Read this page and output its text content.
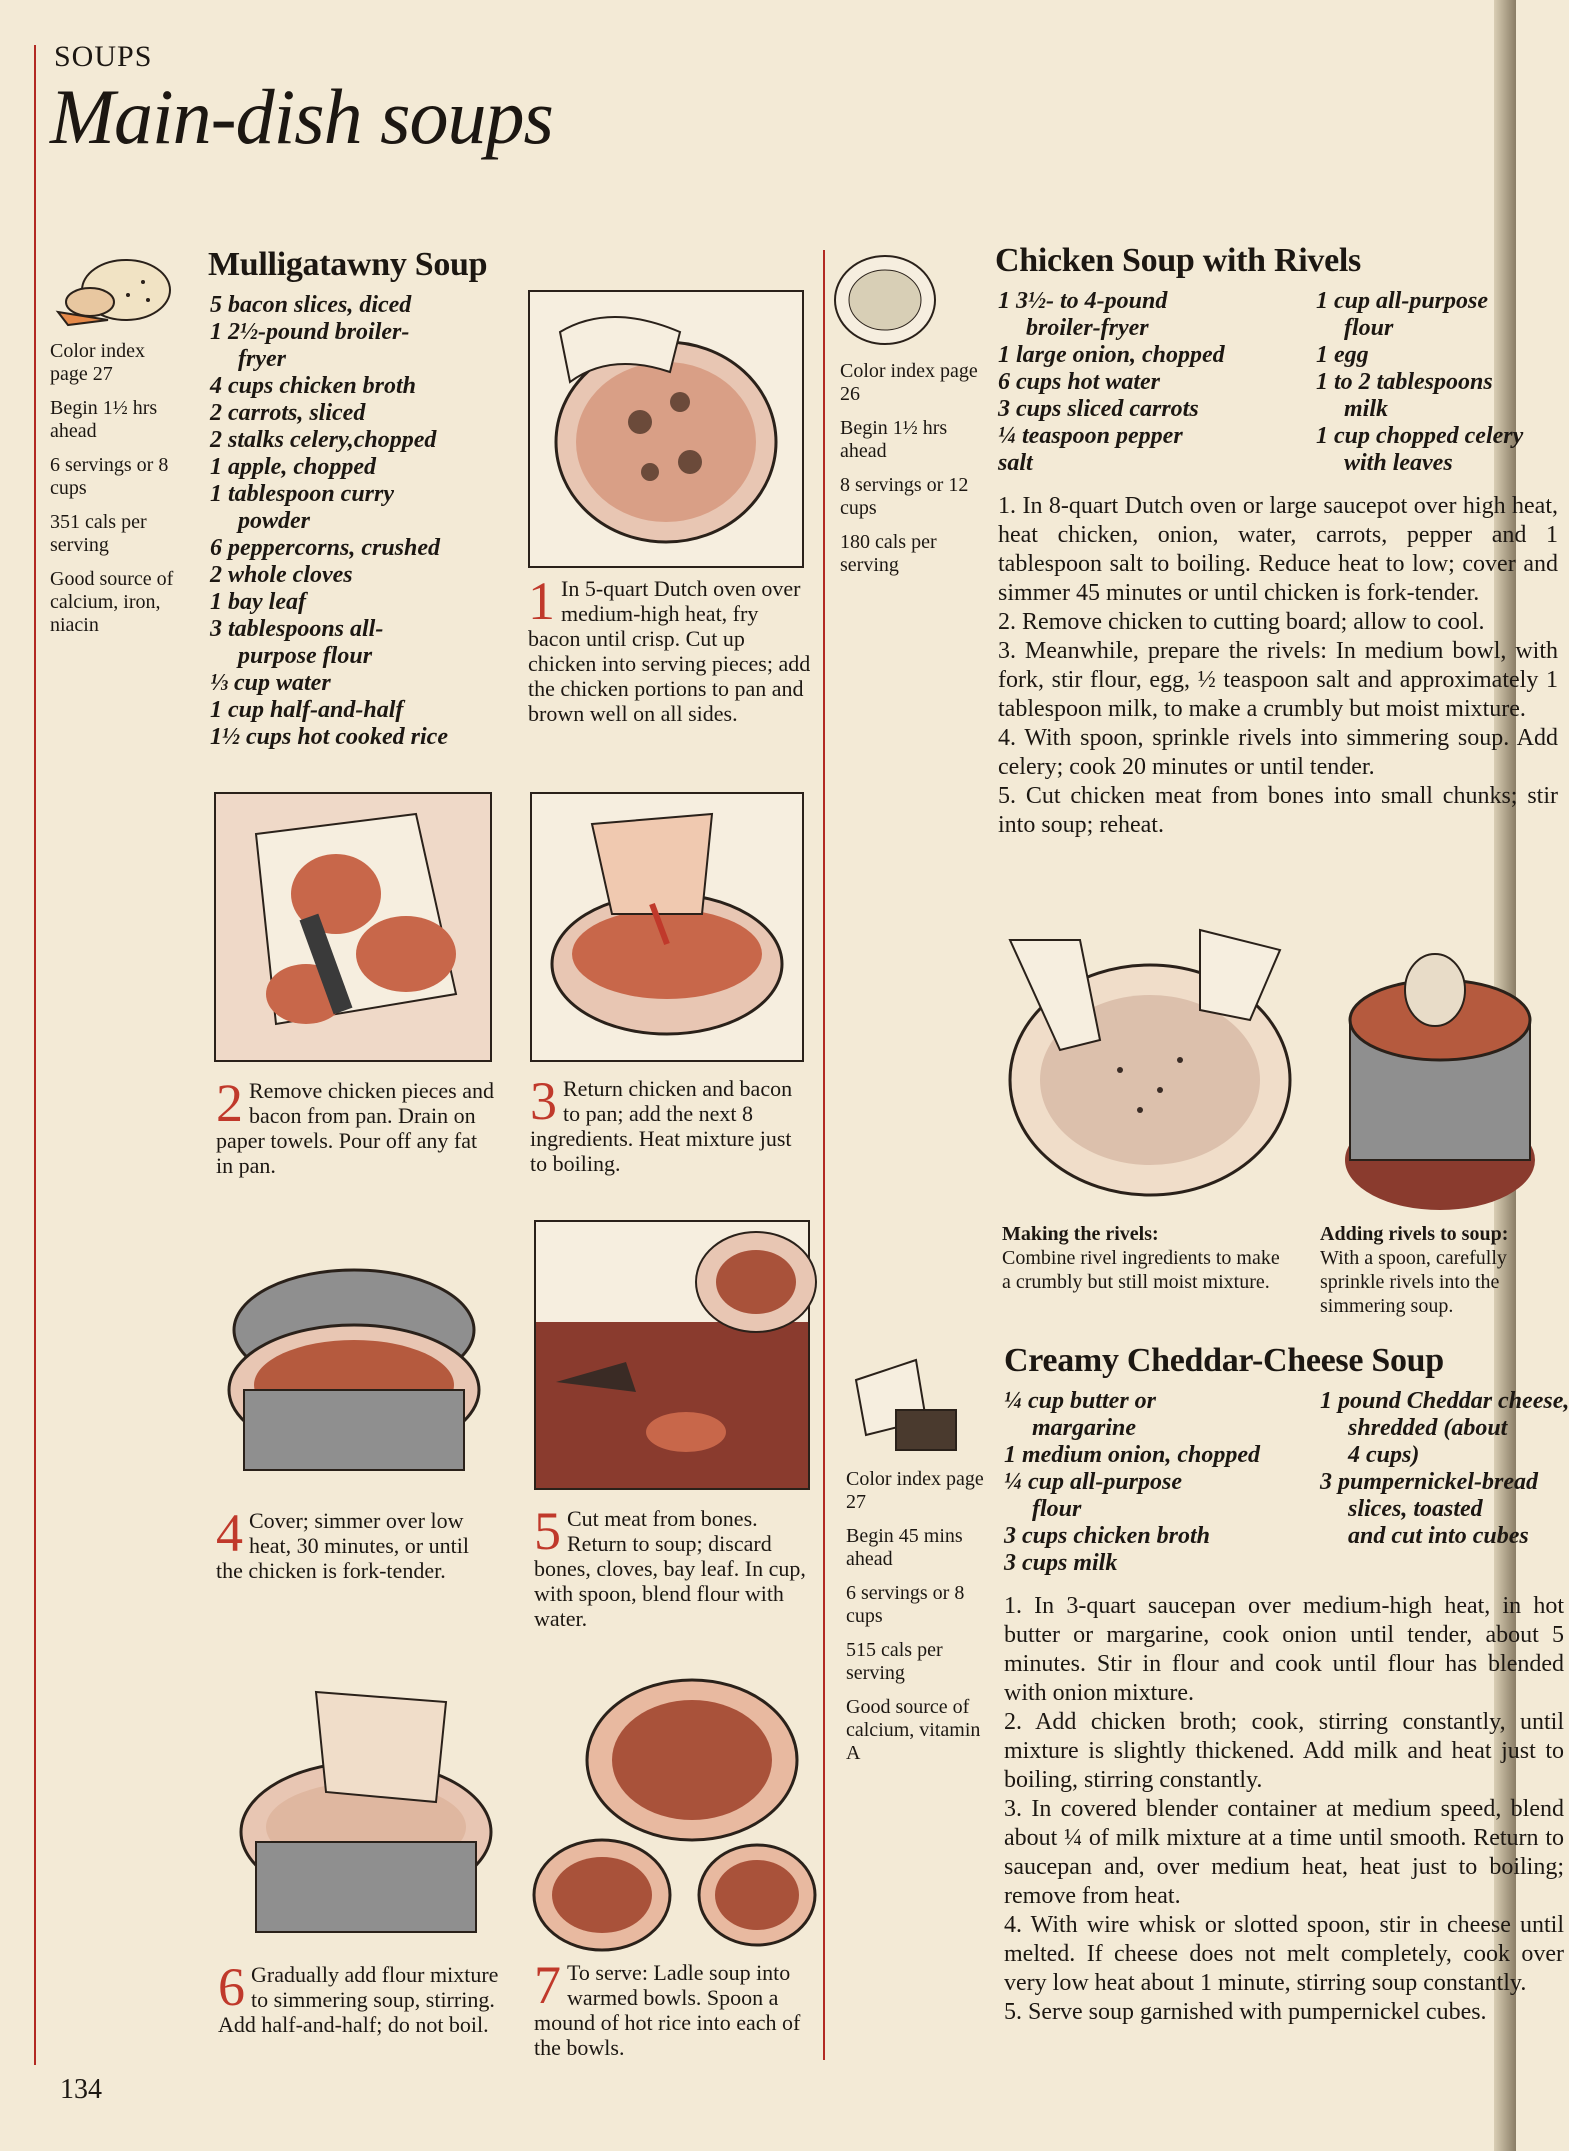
SOUPS
Main-dish soups

Color index page 27

Begin 1½ hrs ahead

6 servings or 8 cups

351 cals per serving

Good source of calcium, iron, niacin

Mulligatawny Soup
5 bacon slices, diced
1 2½-pound broiler-
fryer
4 cups chicken broth
2 carrots, sliced
2 stalks celery,chopped
1 apple, chopped
1 tablespoon curry
powder
6 peppercorns, crushed
2 whole cloves
1 bay leaf
3 tablespoons all-
purpose flour
⅓ cup water
1 cup half-and-half
1½ cups hot cooked rice
1 In 5-quart Dutch oven over medium-high heat, fry bacon until crisp. Cut up chicken into serving pieces; add the chicken portions to pan and brown well on all sides.
2 Remove chicken pieces and bacon from pan. Drain on paper towels. Pour off any fat in pan.
3 Return chicken and bacon to pan; add the next 8 ingredients. Heat mixture just to boiling.
4 Cover; simmer over low heat, 30 minutes, or until the chicken is fork-tender.
5 Cut meat from bones. Return to soup; discard bones, cloves, bay leaf. In cup, with spoon, blend flour with water.
6 Gradually add flour mixture to simmering soup, stirring. Add half-and-half; do not boil.
7 To serve: Ladle soup into warmed bowls. Spoon a mound of hot rice into each of the bowls.

Color index page 26

Begin 1½ hrs ahead

8 servings or 12 cups

180 cals per serving

Chicken Soup with Rivels
1 3½- to 4-pound
broiler-fryer
1 large onion, chopped
6 cups hot water
3 cups sliced carrots
¼ teaspoon pepper
salt
1 cup all-purpose
flour
1 egg
1 to 2 tablespoons
milk
1 cup chopped celery
with leaves

1. In 8-quart Dutch oven or large saucepot over high heat, heat chicken, onion, water, carrots, pepper and 1 tablespoon salt to boiling. Reduce heat to low; cover and simmer 45 minutes or until chicken is fork-tender.

2. Remove chicken to cutting board; allow to cool.

3. Meanwhile, prepare the rivels: In medium bowl, with fork, stir flour, egg, ½ teaspoon salt and approximately 1 tablespoon milk, to make a crumbly but moist mixture.

4. With spoon, sprinkle rivels into simmering soup. Add celery; cook 20 minutes or until tender.

5. Cut chicken meat from bones into small chunks; stir into soup; reheat.

Making the rivels:
Combine rivel ingredients to make a crumbly but still moist mixture.
Adding rivels to soup:
With a spoon, carefully sprinkle rivels into the simmering soup.

Color index page 27

Begin 45 mins ahead

6 servings or 8 cups

515 cals per serving

Good source of calcium, vitamin A

Creamy Cheddar-Cheese Soup
¼ cup butter or
margarine
1 medium onion, chopped
¼ cup all-purpose
flour
3 cups chicken broth
3 cups milk
1 pound Cheddar cheese,
shredded (about
4 cups)
3 pumpernickel-bread
slices, toasted
and cut into cubes

1. In 3-quart saucepan over medium-high heat, in hot butter or margarine, cook onion until tender, about 5 minutes. Stir in flour and cook until flour has blended with onion mixture.

2. Add chicken broth; cook, stirring constantly, until mixture is slightly thickened. Add milk and heat just to boiling, stirring constantly.

3. In covered blender container at medium speed, blend about ¼ of milk mixture at a time until smooth. Return to saucepan and, over medium heat, heat just to boiling; remove from heat.

4. With wire whisk or slotted spoon, stir in cheese until melted. If cheese does not melt completely, cook over very low heat about 1 minute, stirring soup constantly.

5. Serve soup garnished with pumpernickel cubes.

134
